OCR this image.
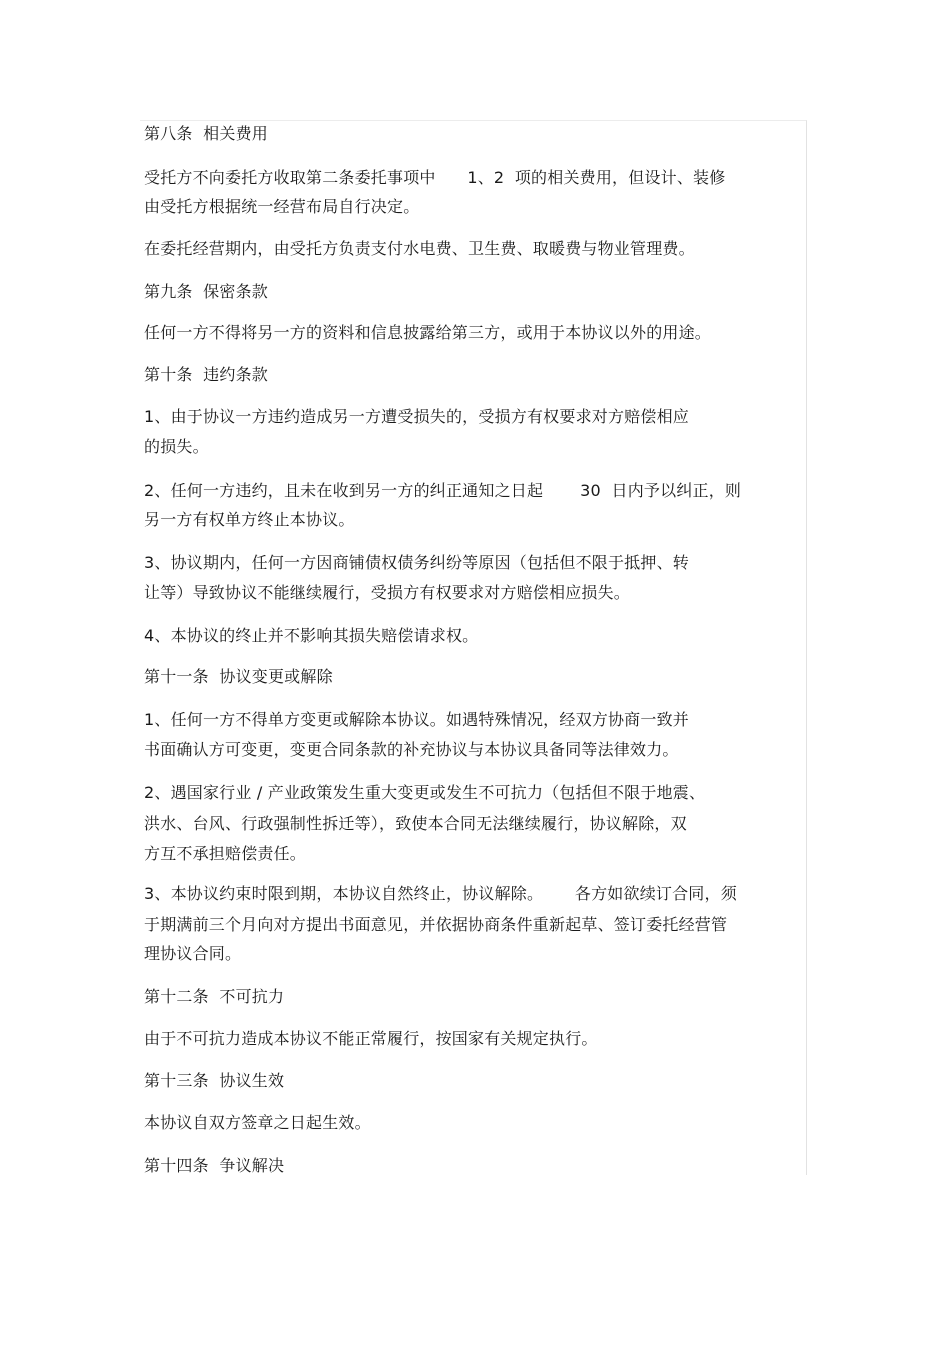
第八条  相关费用
受托方不向委托方收取第二条委托事项中      1、2  项的相关费用，但设计、装修
由受托方根据统一经营布局自行决定。
在委托经营期内，由受托方负责支付水电费、卫生费、取暖费与物业管理费。
第九条  保密条款
任何一方不得将另一方的资料和信息披露给第三方，或用于本协议以外的用途。
第十条  违约条款
1、由于协议一方违约造成另一方遭受损失的，受损方有权要求对方赔偿相应
的损失。
2、任何一方违约，且未在收到另一方的纠正通知之日起       30  日内予以纠正，则
另一方有权单方终止本协议。
3、协议期内，任何一方因商铺债权债务纠纷等原因（包括但不限于抵押、转
让等）导致协议不能继续履行，受损方有权要求对方赔偿相应损失。
4、本协议的终止并不影响其损失赔偿请求权。
第十一条  协议变更或解除
1、任何一方不得单方变更或解除本协议。如遇特殊情况，经双方协商一致并
书面确认方可变更，变更合同条款的补充协议与本协议具备同等法律效力。
2、遇国家行业 / 产业政策发生重大变更或发生不可抗力（包括但不限于地震、
洪水、台风、行政强制性拆迁等），致使本合同无法继续履行，协议解除，双
方互不承担赔偿责任。
3、本协议约束时限到期，本协议自然终止，协议解除。      各方如欲续订合同，须
于期满前三个月向对方提出书面意见，并依据协商条件重新起草、签订委托经营管
理协议合同。
第十二条  不可抗力
由于不可抗力造成本协议不能正常履行，按国家有关规定执行。
第十三条  协议生效
本协议自双方签章之日起生效。
第十四条  争议解决
